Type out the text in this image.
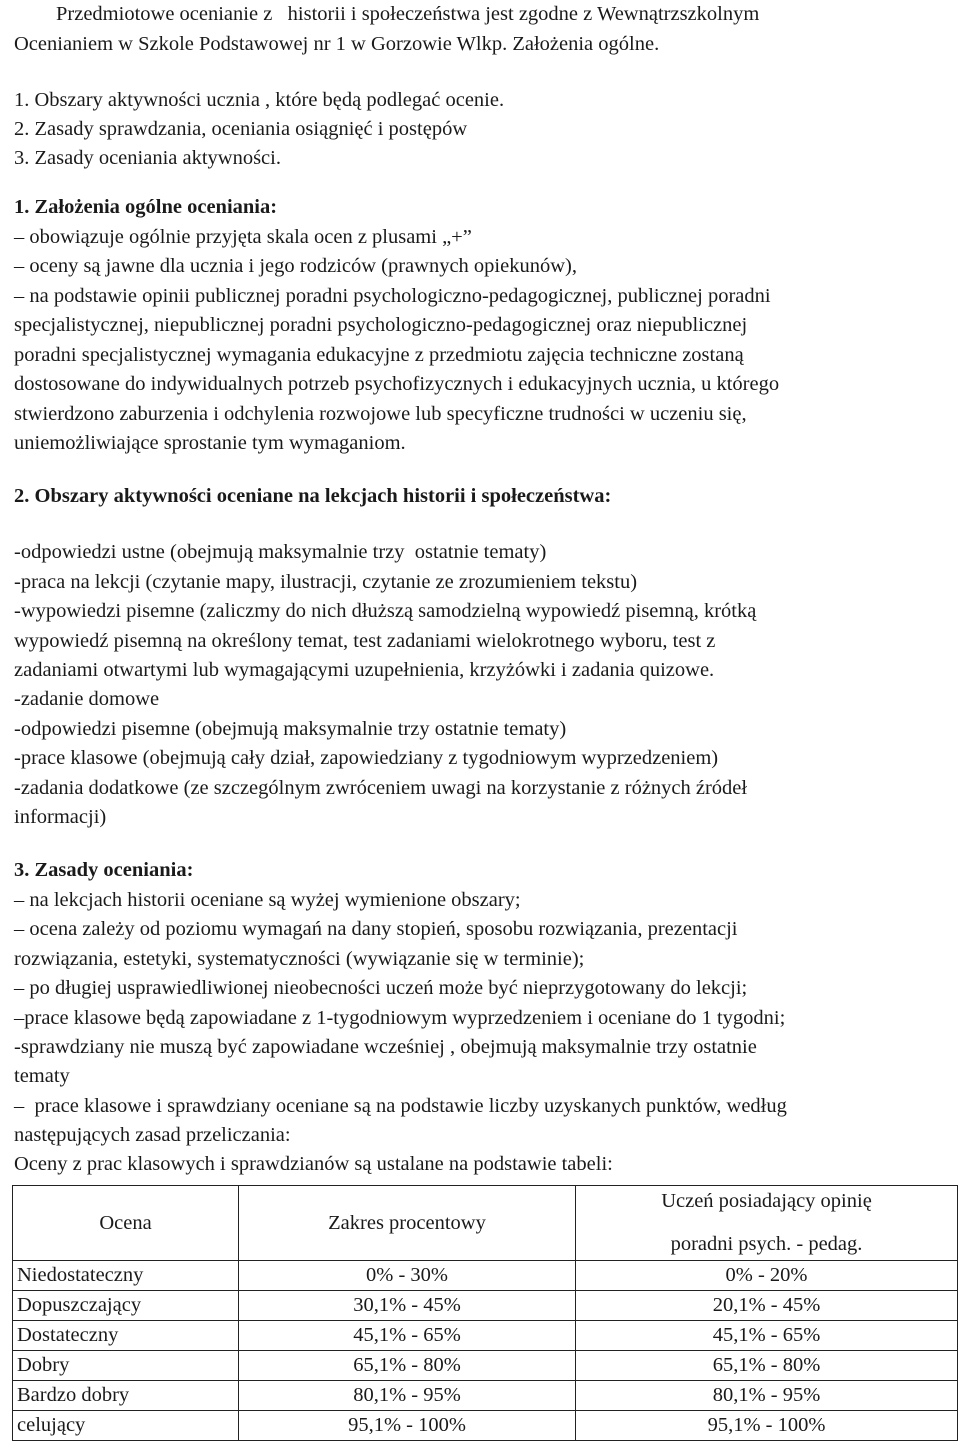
Przedmiotowe ocenianie z   historii i społeczeństwa jest zgodne z Wewnątrzszkolnym
Ocenianiem w Szkole Podstawowej nr 1 w Gorzowie Wlkp. Założenia ogólne.
1. Obszary aktywności ucznia , które będą podlegać ocenie.
2. Zasady sprawdzania, oceniania osiągnięć i postępów
3. Zasady oceniania aktywności.
1. Założenia ogólne oceniania:
– obowiązuje ogólnie przyjęta skala ocen z plusami „+”
– oceny są jawne dla ucznia i jego rodziców (prawnych opiekunów),
– na podstawie opinii publicznej poradni psychologiczno-pedagogicznej, publicznej poradni
specjalistycznej, niepublicznej poradni psychologiczno-pedagogicznej oraz niepublicznej
poradni specjalistycznej wymagania edukacyjne z przedmiotu zajęcia techniczne zostaną
dostosowane do indywidualnych potrzeb psychofizycznych i edukacyjnych ucznia, u którego
stwierdzono zaburzenia i odchylenia rozwojowe lub specyficzne trudności w uczeniu się,
uniemożliwiające sprostanie tym wymaganiom.
2. Obszary aktywności oceniane na lekcjach historii i społeczeństwa:
-odpowiedzi ustne (obejmują maksymalnie trzy  ostatnie tematy)
-praca na lekcji (czytanie mapy, ilustracji, czytanie ze zrozumieniem tekstu)
-wypowiedzi pisemne (zaliczmy do nich dłuższą samodzielną wypowiedź pisemną, krótką
wypowiedź pisemną na określony temat, test zadaniami wielokrotnego wyboru, test z
zadaniami otwartymi lub wymagającymi uzupełnienia, krzyżówki i zadania quizowe.
-zadanie domowe
-odpowiedzi pisemne (obejmują maksymalnie trzy ostatnie tematy)
-prace klasowe (obejmują cały dział, zapowiedziany z tygodniowym wyprzedzeniem)
-zadania dodatkowe (ze szczególnym zwróceniem uwagi na korzystanie z różnych źródeł
informacji)
3. Zasady oceniania:
– na lekcjach historii oceniane są wyżej wymienione obszary;
– ocena zależy od poziomu wymagań na dany stopień, sposobu rozwiązania, prezentacji
rozwiązania, estetyki, systematyczności (wywiązanie się w terminie);
– po długiej usprawiedliwionej nieobecności uczeń może być nieprzygotowany do lekcji;
–prace klasowe będą zapowiadane z 1-tygodniowym wyprzedzeniem i oceniane do 1 tygodni;
-sprawdziany nie muszą być zapowiadane wcześniej , obejmują maksymalnie trzy ostatnie
tematy
–  prace klasowe i sprawdziany oceniane są na podstawie liczby uzyskanych punktów, według
następujących zasad przeliczania:
Oceny z prac klasowych i sprawdzianów są ustalane na podstawie tabeli:
Ocena	Zakres procentowy	Uczeń posiadający opinię
poradni psych. - pedag.

Niedostateczny	0% - 30%	0% - 20%
Dopuszczający	30,1% - 45%	20,1% - 45%
Dostateczny	45,1% - 65%	45,1% - 65%
Dobry	65,1% - 80%	65,1% - 80%
Bardzo dobry	80,1% - 95%	80,1% - 95%
celujący	95,1% - 100%	95,1% - 100%
